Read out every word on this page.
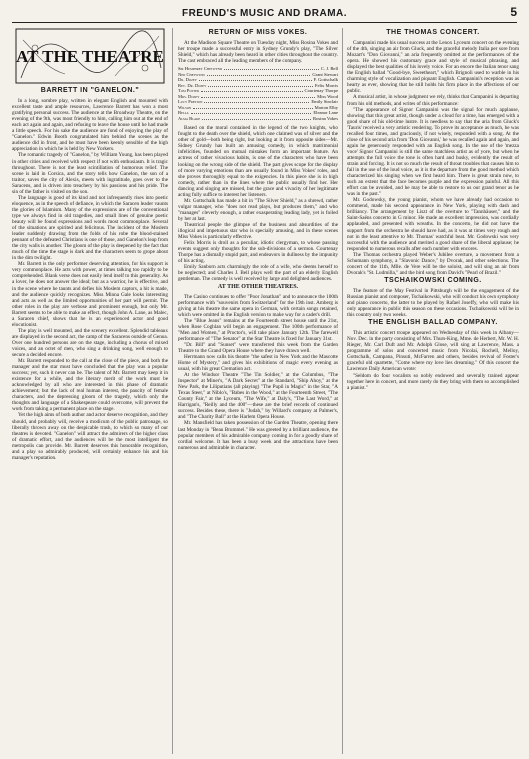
FREUND'S MUSIC AND DRAMA.	5
AT THE THEATRE
BARRETT IN "GANELON."

In a long, sombre play, written in elegant English and mounted with excellent taste and ample resources, Lawrence Barrett has won a most gratifying personal success. The audience at the Broadway Theatre, on the evening of the 9th, was most friendly to him, calling him out at the end of each act again and again, and refusing to leave the house until he had made a little speech. For his sake the audience are fond of enjoying the play of "Ganelon." Edwin Booth congratulated him behind the scenes as the audience did in front, and he must have been keenly sensible of the high appreciation in which he is held by New Yorkers.

The romantic tragedy of "Ganelon," by William Young, has been played in other cities and received with respect if not with enthusiasm. It is tragic throughout. There is not the least scintillation of humorous relief. The scene is laid in Corsica, and the story tells how Ganelon, the son of a traitor, saves the city of Alexis, meets with ingratitude, goes over to the Saracens, and is driven into treachery by his passions and his pride. The sin of the father is visited on the son.

The language is good of its kind and not infrequently rises into poetic eloquence, as in the speech of defiance, in which the Saracen leader vaunts the glories of Islamism. Many of the expressions are of the conventional type we always find in old tragedies, and small lines of genuine poetic beauty will be found expressions and words most commonplace. Several of the situations are spirited and felicitous. The incident of the Moslem leader suddenly drawing from the folds of his robe the blood-stained pennant of the defeated Christians is one of those, and Ganelon's leap from the city walls is another. The gloom of the play is deepened by the fact that much of the time the stage is dark and the characters seem to grope about in the dim twilight.

Mr. Barrett is the only performer deserving attention, for his support is very commonplace. He acts with power, at times talking too rapidly to be comprehended. Blank verse does not easily lend itself to this generality. As a lover, he does not answer the ideal; but as a warrior, he is effective, and in the scene where he taunts and defies his Moslem captors, a hit is made, and the audience quickly recognizes. Miss Minna Gale looks interesting and acts as well as the limited opportunities of her part will permit. The other roles in the play are verbose and prominent enough, but only Mr. Barrett seems to be able to make an effect, though John A. Lane, as Malec, a Saracen chief, shows that he is an experienced actor and good elocutionist.

The play is well mounted, and the scenery excellent. Splendid tableaux are displayed in the second act, the camp of the Saracens outside of Genoa. Over one hundred persons are on the stage, including a chorus of mixed voices, and an octet of men, who sing a drinking song, well enough to secure a decided encore.

Mr. Barrett responded to the call at the close of the piece, and both the manager and the star must have concluded that the play was a popular success; yet, such it never can be. The talent of Mr. Barrett may keep it in existence for a while, and the literary merit of the work must be acknowledged by all who are interested in this phase of dramatic achievement; but the lack of real human interest, the paucity of female characters, and the depressing gloom of the tragedy, which only the thoughts and language of a Shakespeare could overcome, will prevent the work from taking a permanent place on the stage.

Yet the high aims of both author and actor deserve recognition, and they should, and probably will, receive a modicum of the public patronage, so liberally thrown away on the despicable trash, to which so many of our theatres is devoted. "Ganelon" will attract the admirers of the higher class of dramatic effort, and the audiences will be the most intelligent the metropolis can provide. Mr. Barrett deserves this honorable recognition, and a play so admirably produced, will certainly enhance his and his manager's reputation.

RETURN OF MISS VOKES.

At the Madison Square Theatre on Tuesday night, Miss Rosina Vokes and her troupe made a successful entry in Sydney Grundy's play, "The Silver Shield," which has already been heard in other cities throughout the country. The cast embraced all the leading members of the company.

Sir Humphrey Chetwynd	C. J. Bell
Ned Chetwynd	Grant Stewart
Dr. Dozey	F. Gottschalk
Rev. Dr. Dozey	Felix Morris
Tom Potter	Courtenay Thorpe
Mrs. Dozey	Miss Wood
Lucy Preston	Emily Sinclair
Wilson	Marion Elby
Bella	Eleanor Lane
Alma Blake	Rosina Vokes

Based on the moral contained in the legend of the two knights, who fought to the death over the shield, which one claimed was of silver and the other of gold—both being right, but looking at it from opposite sides—Mr. Sidney Grundy has built an amusing comedy, in which matrimonial infelicities, founded on mutual mistakes form an important feature. An actress of rather vivacious habits, is one of the characters who have been looking on the wrong side of the shield. The part gives scope for the display of more varying emotions than are usually found in Miss Vokes' roles, and she proves thoroughly equal to the exigencies. In this piece she is in high comedy, rather than in the lines where the public usually find her. Her dancing and singing are missed, but the grace and vivacity of her legitimate acting fully suffice to interest her listeners.

Mr. Gottschalk has made a hit in "The Silver Shield," as a shrewd, rather vulgar manager, who "does not read plays, but produces them," and who "manages" cleverly enough, a rather exasperating leading lady, yet is foiled by her at last.

Theatrical people the glimpse of the business and absurdities of the illogical and impetuous star who is specially amusing, and in these scenes Miss Vokes is particularly effective.

Felix Morris is droll as a peculiar, idiotic clergyman, to whose passing events suggest only thoughts for the sub-divisions of a sermon. Courtenay Thorpe has a dismally stupid part, and endeavors in dullness by the impunity of his acting.

Emily Sanborn acts charmingly the role of a wife, who deems herself to be neglected; and Charles J. Bell plays well the part of an elderly English gentleman. The comedy is well received by large and delighted audiences.

AT THE OTHER THEATRES.

The Casino continues to offer "Poor Jonathan" and to announce the 100th performance with "souvenirs from Switzerland" for the 19th inst. Amberg is giving at his theatre the same opera in German, with certain songs retained, which were omitted in the English version to make way for a cadet's drill.

The "Blue Jeans" remains at the Fourteenth street house until the 21st, when Rose Coghlan will begin an engagement. The 100th performance of "Men and Women," at Proctor's, will take place January 12th. The farewell performance of "The Senator" at the Star Theatre is fixed for January 31st.

"Dr. Bill" and "Sunset" were transferred this week from the Garden Theatre to the Grand Opera House where they have drawn well.

Herrmann now calls his theatre "the safest in New York and the Mascotte Home of Mystery," and gives his exhibitions of magic every evening as usual, with his great Cremation act.

At the Windsor Theatre "The Tin Soldier," at the Columbus, "The Inspector" at Miner's, "A Dark Secret" at the Standard, "Ship Ahoy," at the New Park, the Liliputians (all playing) "The Pupil in Magic" in the Star, "A Texas Steer," at Niblo's, "Babes in the Wood," at the Fourteenth Street, "The County Fair," at the Lyceum, "The Wife," at Daly's, "The Last Word," at Harrigan's, "Reilly and the 400"—these are the brief records of continued success. Besides these, there is "Judah," by Willard's company at Palmer's, and "The Charity Ball" at the Harlem Opera House.

Mr. Mansfield has taken possession of the Garden Theatre, opening there last Monday in "Beau Brummel." He was greeted by a brilliant audience, the popular members of his admirable company coming in for a goodly share of cordial welcome. It has been a busy week and the attractions have been numerous and admirable in character.

THE THOMAS CONCERT.

Campanini made his usual success at the Lenox Lyceum concert on the evening of the 4th, singing an air from Gluck, and the graceful melody Italia per sore from Mozart's "Don Giovanni," an aria frequently omitted at the performances of the opera. He showed his customary grace and style of musical phrasing, and displayed the best qualities of his lovely voice. For an encore the Italian tenor sang the English ballad "Good-bye, Sweetheart," which Brignoli used to warble in his charming style of vocalization and piquant English. Campanini's reception was as hearty as ever, showing that he still holds his firm place in the affections of our public.

A musical artist, in whose judgment we rely, thinks that Campanini is departing from his old methods, and writes of this performance:

"The appearance of Signor Campanini was the signal for much applause, showing that this great artist, though under a cloud for a time, has emerged with a good share of his old-time lustre. It is needless to say that the aria from Gluck's 'Tauris' received a very artistic rendering. To prove its acceptance as much, he was recalled four times, and graciously, if not wisely, responded with a song. At the close of his second aria from 'Don Giovanni,' he was recalled again and again, and again he generously responded with an English song. In the use of the 'mezza voce' Signor Campanini is still the same matchless artist as of yore, but when he attempts the full voice the tone is often hard and husky, evidently the result of strain and forcing. It is not so much the result of throat troubles that causes him to fail in the use of the loud voice, as it is the departure from the good method which characterized his singing when we first heard him. There is great strain now, to such an extent that the face becomes purple and the expression painful. All this effort can be avoided, and he may be able to restore to us our grand tenor as he was in the past."

Mr. Godowsky, the young pianist, whom we have already had occasion to commend, made his second appearance in New York, playing with dash and brilliancy. The arrangement by Liszt of the overture to "Tannhäuser," and the Saint-Saëns concerto in G minor. He made an excellent impression, was cordially applauded, and presented with wreaths. In the concerto, he did not have the support from the orchestra he should have had, as it was at times very rough and not in the least attentive to Mr. Thomas' watchful beat. Mr. Godowski was very successful with the audience and merited a good share of the liberal applause; he responded to numerous recalls after each number with encores.

The Thomas orchestra played Weber's Jubilee overture, a movement from a Schumann symphony, a "Slavonic Dance," by Dvorak, and other selections. The concert of the 11th, Mlle. de Vere will be the soloist, and will sing an air from Dvorak's "St. Ludmilla," and the bird song from David's "Pearl of Brazil."

TSCHAIKOWSKI COMING.

The feature of the May Festival in Pittsburgh will be the engagement of the Russian pianist and composer, Tschaikowski, who will conduct his own symphony and piano concerto, the latter to be played by Rafael Joseffy, who will make his only appearance in public this season on these occasions. Tschaikowski will be in this country only two weeks.

THE ENGLISH BALLAD COMPANY.

This artistic concert troupe appeared on Wednesday of this week in Albany—Nov. Dec. in the party consisting of Mrs. Thurs-King, Mme. de Herbert, Mr. W. H. Rieger, Mr. Carl Duft and Mr. Adolph Glose, will sing at Lawrence, Mass. a programme of solos and concerted music from Nicolai, Rochell, Melloy, Gottschalk, Campana, Pinsuti, McFarren and others, besides revival of Foster's graceful old quartette, "Come where my love lies dreaming." Of this concert the Lawrence Daily American wrote:

"Seldom do four vocalists so nobly endowed and severally trained appear together here in concert, and more rarely do they bring with them so accomplished a pianist."
